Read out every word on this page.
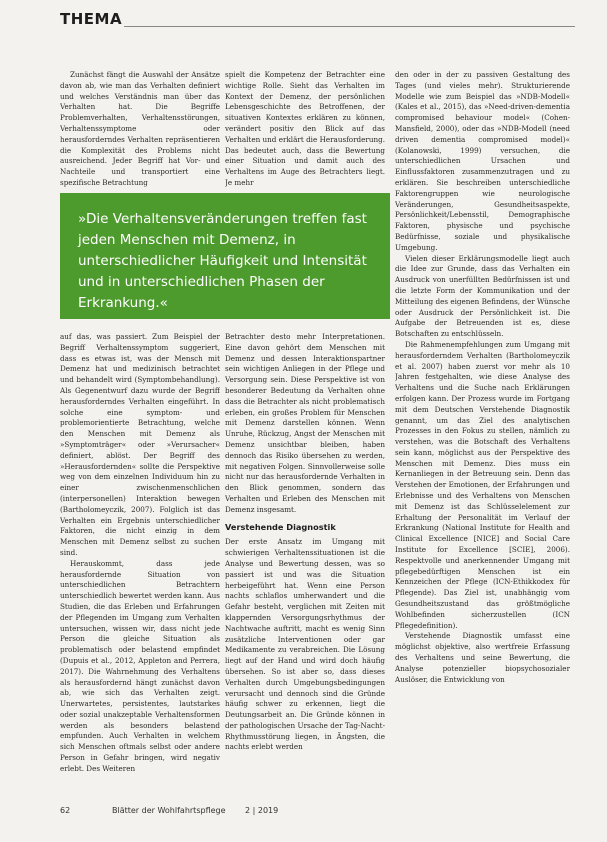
THEMA

Zunächst fängt die Auswahl der Ansätze davon ab, wie man das Verhalten definiert und welches Verständnis man über das Verhalten hat. Die Begriffe Problemverhalten, Verhaltensstörungen, Verhaltenssymptome oder herausforderndes Verhalten repräsentieren die Komplexität des Problems nicht ausreichend. Jeder Begriff hat Vor- und Nachteile und transportiert eine spezifische Betrachtung

spielt die Kompetenz der Betrachter eine wichtige Rolle. Sieht das Verhalten im Kontext der Demenz, der persönlichen Lebensgeschichte des Betroffenen, der situativen Kontextes erklären zu können, verändert positiv den Blick auf das Verhalten und erklärt die Herausforderung. Das bedeutet auch, dass die Bewertung einer Situation und damit auch des Verhaltens im Auge des Betrachters liegt. Je mehr

»Die Verhaltensveränderungen treffen fast jeden Menschen mit Demenz, in unterschiedlicher Häufigkeit und Intensität und in unterschiedlichen Phasen der Erkrankung.«

auf das, was passiert. Zum Beispiel der Begriff Verhaltenssymptom suggeriert, dass es etwas ist, was der Mensch mit Demenz hat und medizinisch betrachtet und behandelt wird (Symptombehandlung). Als Gegenentwurf dazu wurde der Begriff herausforderndes Verhalten eingeführt. In solche eine symptom- und problemorientierte Betrachtung, welche den Menschen mit Demenz als »Symptomträger« oder »Verursacher« definiert, ablöst. Der Begriff des »Herausfordernden« sollte die Perspektive weg von dem einzelnen Individuum hin zu einer zwischenmenschlichen (interpersonellen) Interaktion bewegen (Bartholomeyczik, 2007). Folglich ist das Verhalten ein Ergebnis unterschiedlicher Faktoren, die nicht einzig in dem Menschen mit Demenz selbst zu suchen sind.

Herauskommt, dass jede herausfordernde Situation von unterschiedlichen Betrachtern unterschiedlich bewertet werden kann. Aus Studien, die das Erleben und Erfahrungen der Pflegenden im Umgang zum Verhalten untersuchen, wissen wir, dass nicht jede Person die gleiche Situation als problematisch oder belastend empfindet (Dupuis et al., 2012, Appleton and Perrera, 2017). Die Wahrnehmung des Verhaltens als herausfordernd hängt zunächst davon ab, wie sich das Verhalten zeigt. Unerwartetes, persistentes, lautstarkes oder sozial unakzeptable Verhaltensformen werden als besonders belastend empfunden. Auch Verhalten in welchem sich Menschen oftmals selbst oder andere Person in Gefahr bringen, wird negativ erlebt. Des Weiteren

Betrachter desto mehr Interpretationen. Eine davon gehört dem Menschen mit Demenz und dessen Interaktionspartner sein wichtigen Anliegen in der Pflege und Versorgung sein. Diese Perspektive ist von besonderer Bedeutung da Verhalten ohne dass die Betrachter als nicht problematisch erleben, ein großes Problem für Menschen mit Demenz darstellen können. Wenn Unruhe, Rückzug, Angst der Menschen mit Demenz unsichtbar bleiben, haben dennoch das Risiko übersehen zu werden, mit negativen Folgen. Sinnvollerweise solle nicht nur das herausfordernde Verhalten in den Blick genommen, sondern das Verhalten und Erleben des Menschen mit Demenz insgesamt.

Verstehende Diagnostik

Der erste Ansatz im Umgang mit schwierigen Verhaltenssituationen ist die Analyse und Bewertung dessen, was so passiert ist und was die Situation herbeigeführt hat. Wenn eine Person nachts schlaflos umherwandert und die Gefahr besteht, verglichen mit Zeiten mit klappernden Versorgungsrhythmus der Nachtwache auftritt, macht es wenig Sinn zusätzliche Interventionen oder gar Medikamente zu verabreichen. Die Lösung liegt auf der Hand und wird doch häufig übersehen. So ist aber so, dass dieses Verhalten durch Umgebungsbedingungen verursacht und dennoch sind die Gründe häufig schwer zu erkennen, liegt die Deutungsarbeit an. Die Gründe können in der pathologischen Ursache der Tag-Nacht-Rhythmusstörung liegen, in Ängsten, die nachts erlebt werden

den oder in der zu passiven Gestaltung des Tages (und vieles mehr). Strukturierende Modelle wie zum Beispiel das »NDB-Modell« (Kales et al., 2015), das »Need-driven-dementia compromised behaviour model« (Cohen-Mansfield, 2000), oder das »NDB-Modell (need driven dementia compromised model)« (Kolanowski, 1999) versuchen, die unterschiedlichen Ursachen und Einflussfaktoren zusammenzutragen und zu erklären. Sie beschreiben unterschiedliche Faktorengruppen wie neurologische Veränderungen, Gesundheitsaspekte, Persönlichkeit/Lebensstil, Demographische Faktoren, physische und psychische Bedürfnisse, soziale und physikalische Umgebung.

Vielen dieser Erklärungsmodelle liegt auch die Idee zur Grunde, dass das Verhalten ein Ausdruck von unerfüllten Bedürfnissen ist und die letzte Form der Kommunikation und der Mitteilung des eigenen Befindens, der Wünsche oder Ausdruck der Persönlichkeit ist. Die Aufgabe der Betreuenden ist es, diese Botschaften zu entschlüsseln.

Die Rahmenempfehlungen zum Umgang mit herausforderndem Verhalten (Bartholomeyczik et al. 2007) haben zuerst vor mehr als 10 Jahren festgehalten, wie diese Analyse des Verhaltens und die Suche nach Erklärungen erfolgen kann. Der Prozess wurde im Fortgang mit dem Deutschen Verstehende Diagnostik genannt, um das Ziel des analytischen Prozesses in den Fokus zu stellen, nämlich zu verstehen, was die Botschaft des Verhaltens sein kann, möglichst aus der Perspektive des Menschen mit Demenz. Dies muss ein Kernanliegen in der Betreuung sein. Denn das Verstehen der Emotionen, der Erfahrungen und Erlebnisse und des Verhaltens von Menschen mit Demenz ist das Schlüsselelement zur Erhaltung der Personalität im Verlauf der Erkrankung (National Institute for Health and Clinical Excellence [NICE] and Social Care Institute for Excellence [SCIE], 2006). Respektvolle und anerkennender Umgang mit pflegebedürftigen Menschen ist ein Kennzeichen der Pflege (ICN-Ethikkodex für Pflegende). Das Ziel ist, unabhängig vom Gesundheitszustand das größtmögliche Wohlbefinden sicherzustellen (ICN Pflegedefinition).

Verstehende Diagnostik umfasst eine möglichst objektive, also wertfreie Erfassung des Verhaltens und seine Bewertung, die Analyse potenzieller biopsychosozialer Auslöser, die Entwicklung von

62	Blätter der Wohlfahrtspflege 2 | 2019
